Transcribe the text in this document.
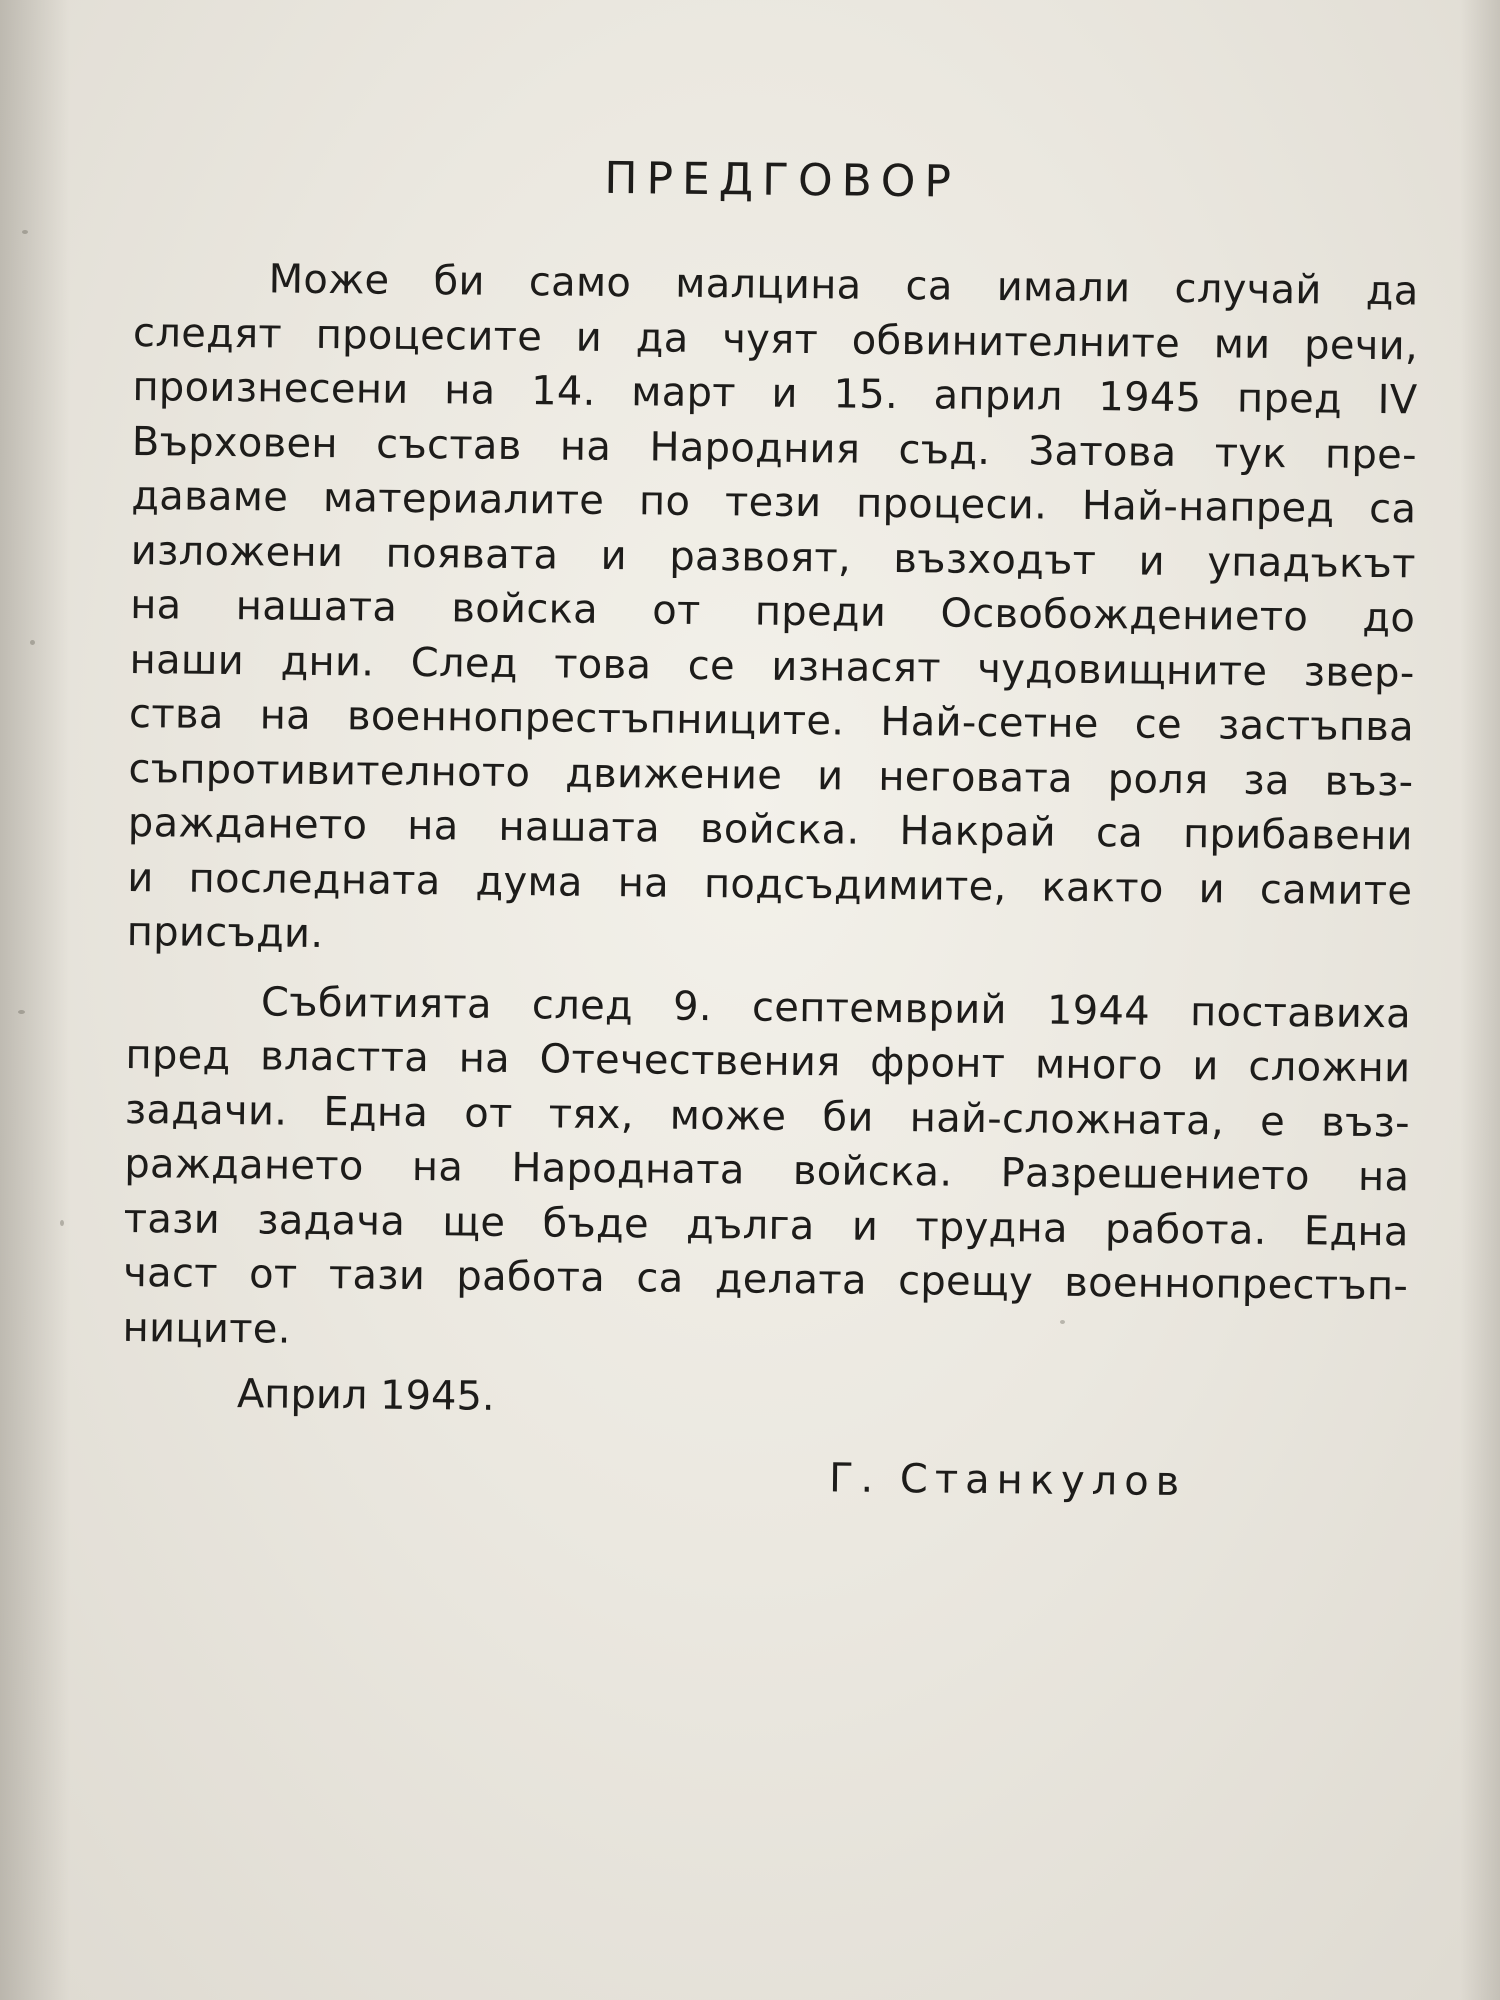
ПРЕДГОВОР
Може би само малцина са имали случай да
следят процесите и да чуят обвинителните ми речи,
произнесени на 14. март и 15. април 1945 пред IV
Върховен състав на Народния съд. Затова тук пре-
даваме материалите по тези процеси. Най-напред са
изложени появата и развоят, възходът и упадъкът
на нашата войска от преди Освобождението до
наши дни. След това се изнасят чудовищните звер-
ства на военнопрестъпниците. Най-сетне се застъпва
съпротивителното движение и неговата роля за въз-
раждането на нашата войска. Накрай са прибавени
и последната дума на подсъдимите, както и самите
присъди.
Събитията след 9. септемврий 1944 поставиха
пред властта на Отечествения фронт много и сложни
задачи. Една от тях, може би най-сложната, е въз-
раждането на Народната войска. Разрешението на
тази задача ще бъде дълга и трудна работа. Една
част от тази работа са делата срещу военнопрестъп-
ниците.
Април 1945.
Г. Станкулов
